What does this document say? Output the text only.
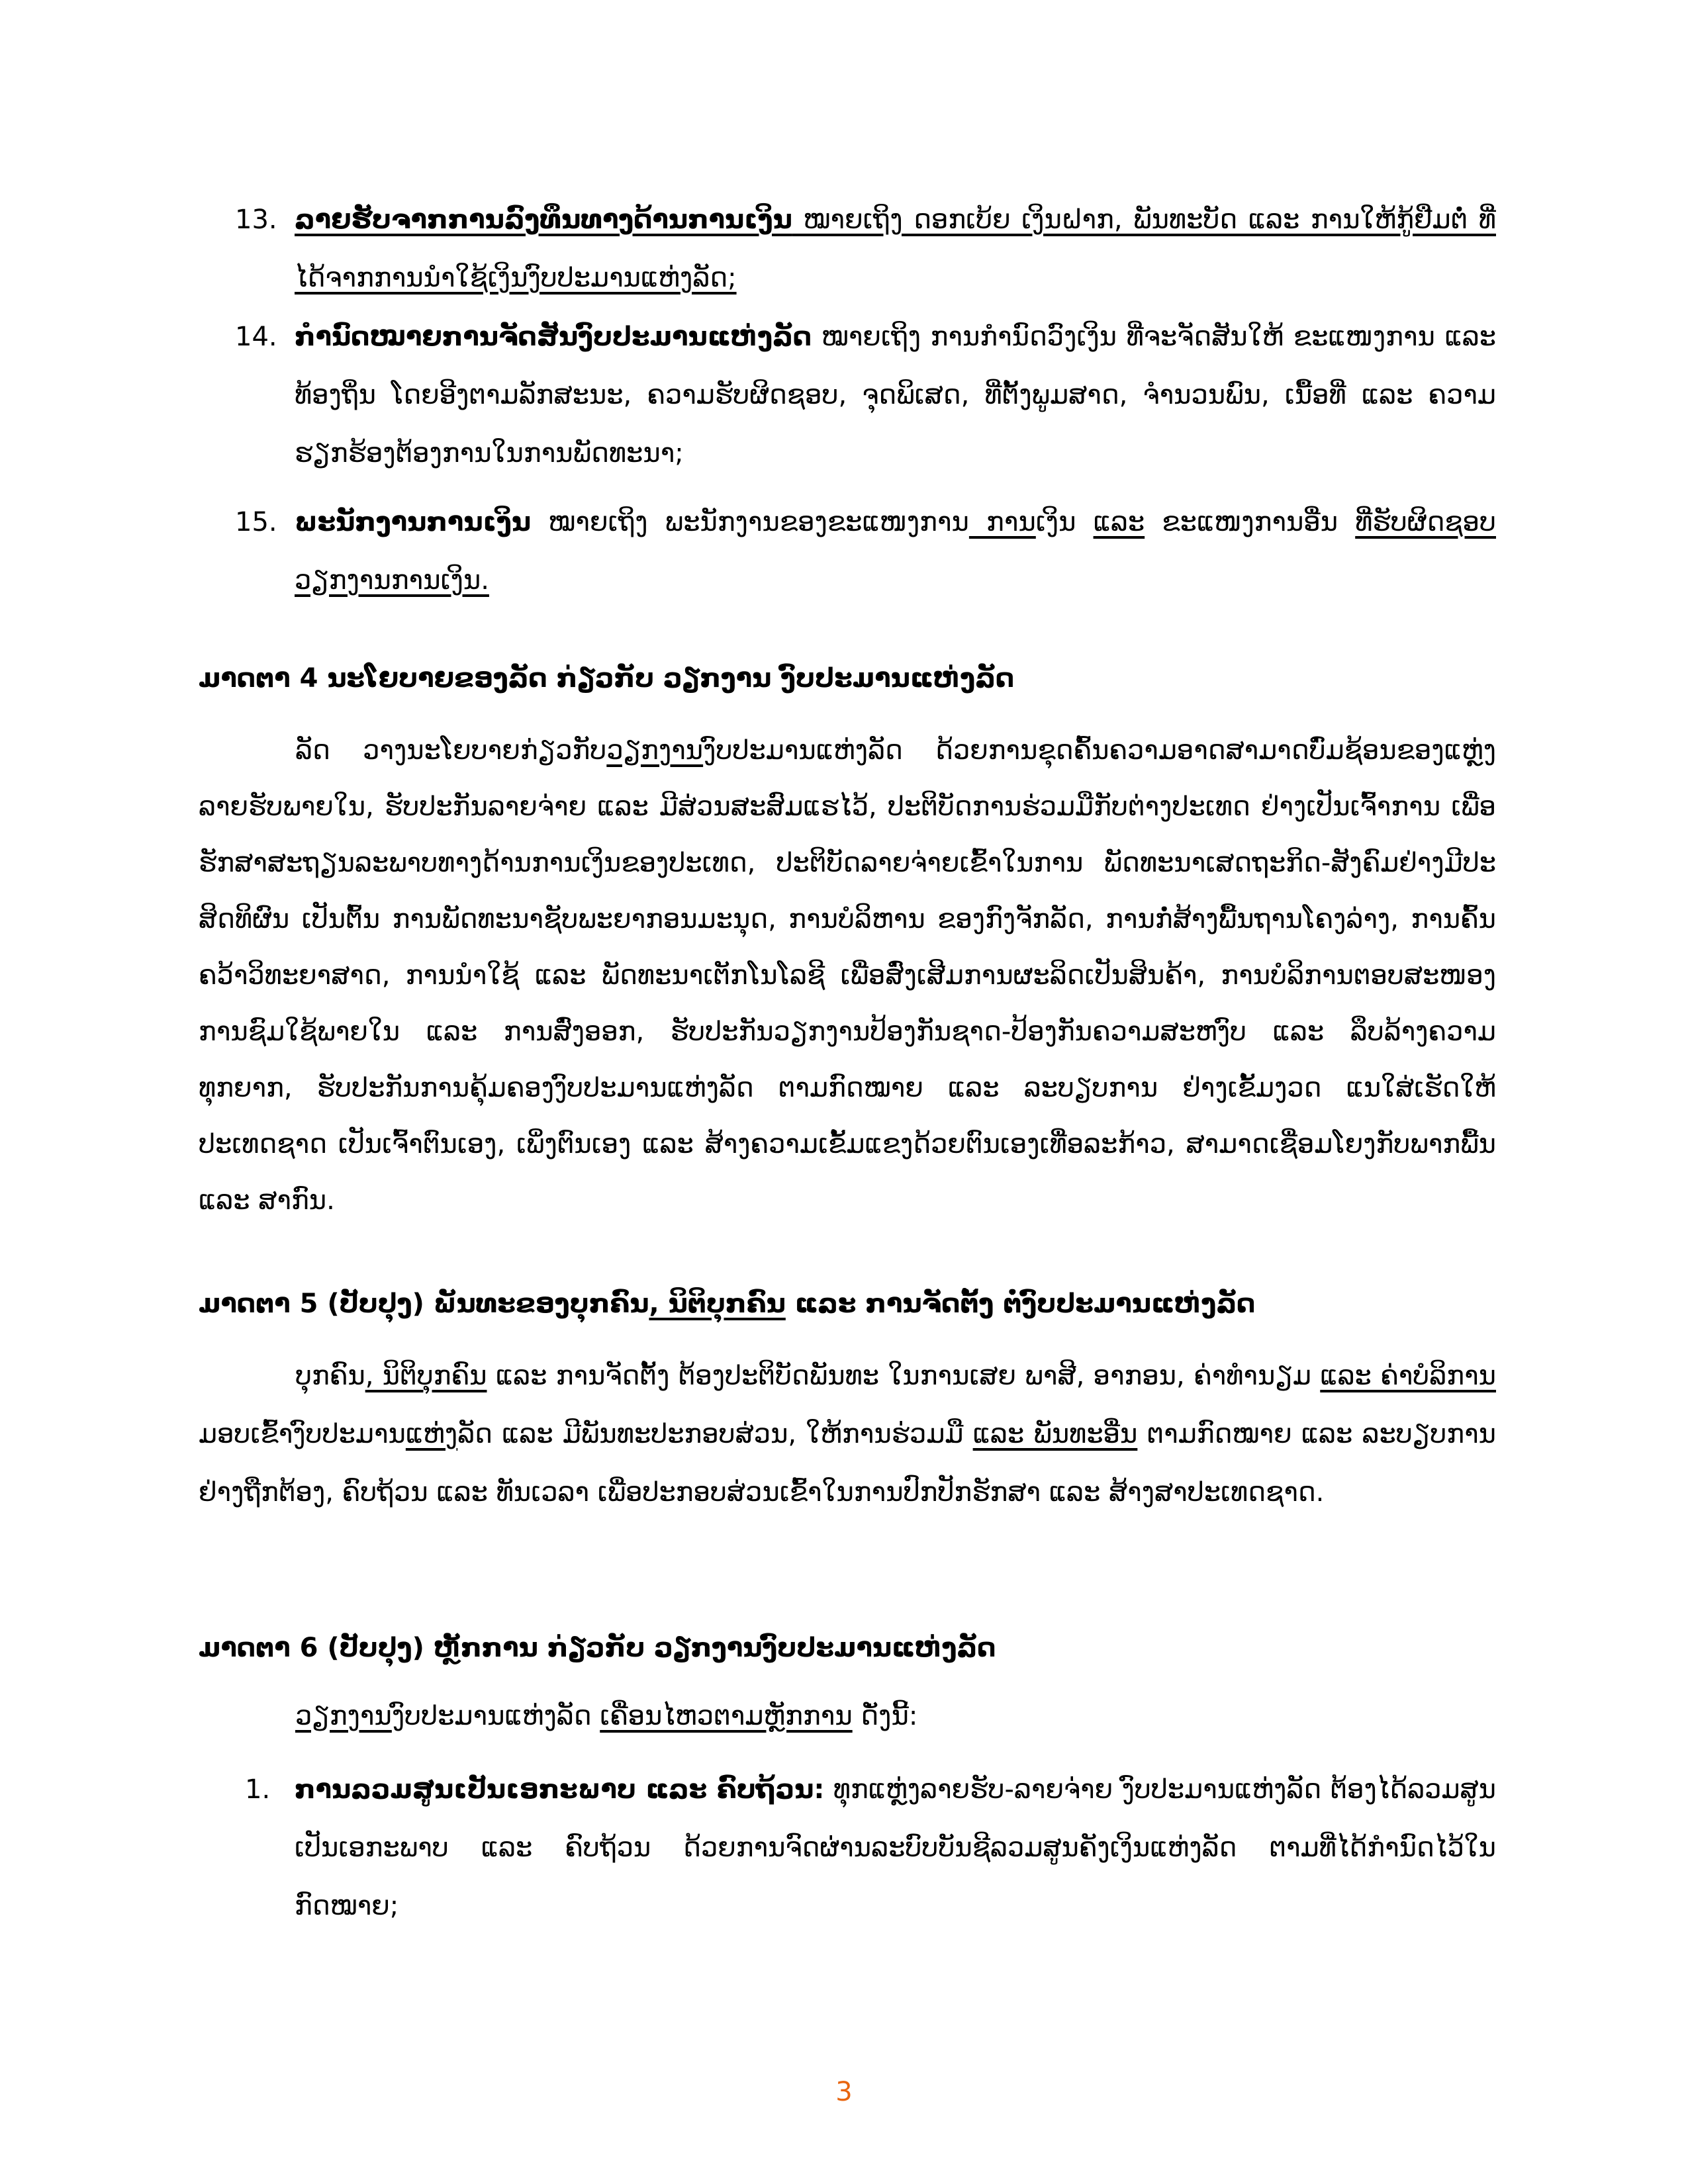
13. ລາຍຮັບຈາກການລົງທຶນທາງດ້ານການເງິນ ໝາຍເຖິງ ດອກເບ້ຍ ເງິນຝາກ, ພັນທະບັດ ແລະ ການໃຫ້ກູ້ຢືມຕໍ່ ທີ່ໄດ້ຈາກການນຳໃຊ້ເງິນງົບປະມານແຫ່ງລັດ;
14. ກຳນົດໝາຍການຈັດສັນງົບປະມານແຫ່ງລັດ ໝາຍເຖິງ ການກຳນົດວົງເງິນ ທີ່ຈະຈັດສັນໃຫ້ ຂະແໜງການ ແລະ ທ້ອງຖິ່ນ ໂດຍອີງຕາມລັກສະນະ, ຄວາມຮັບຜິດຊອບ, ຈຸດພິເສດ, ທີ່ຕັ້ງພູມສາດ, ຈຳນວນພົນ, ເນື້ອທີ່ ແລະ ຄວາມຮຽກຮ້ອງຕ້ອງການໃນການພັດທະນາ;
15. ພະນັກງານການເງິນ ໝາຍເຖິງ ພະນັກງານຂອງຂະແໜງການ ການເງິນ ແລະ ຂະແໜງການອື່ນ ທີ່ຮັບຜິດຊອບ ວຽກງານການເງິນ.
ມາດຕາ 4 ນະໂຍບາຍຂອງລັດ ກ່ຽວກັບ ວຽກງານ ງົບປະມານແຫ່ງລັດ
ລັດ ວາງນະໂຍບາຍກ່ຽວກັບວຽກງານງົບປະມານແຫ່ງລັດ ດ້ວຍການຂຸດຄົ້ນຄວາມອາດສາມາດບົ່ມຊ້ອນຂອງແຫຼ່ງລາຍຮັບພາຍໃນ, ຮັບປະກັນລາຍຈ່າຍ ແລະ ມີສ່ວນສະສົມແຮໄວ້, ປະຕິບັດການຮ່ວມມືກັບຕ່າງປະເທດ ຢ່າງເປັນເຈົ້າການ ເພື່ອຮັກສາສະຖຽນລະພາບທາງດ້ານການເງິນຂອງປະເທດ, ປະຕິບັດລາຍຈ່າຍເຂົ້າໃນການ ພັດທະນາເສດຖະກິດ-ສັງຄົມຢ່າງມີປະສິດທິຜົນ ເປັນຕົ້ນ ການພັດທະນາຊັບພະຍາກອນມະນຸດ, ການບໍລິຫານ ຂອງກົງຈັກລັດ, ການກໍ່ສ້າງພື້ນຖານໂຄງລ່າງ, ການຄົ້ນຄວ້າວິທະຍາສາດ, ການນຳໃຊ້ ແລະ ພັດທະນາເຕັກໂນໂລຊີ ເພື່ອສົ່ງເສີມການຜະລິດເປັນສິນຄ້າ, ການບໍລິການຕອບສະໜອງການຊົມໃຊ້ພາຍໃນ ແລະ ການສົ່ງອອກ, ຮັບປະກັນວຽກງານປ້ອງກັນຊາດ-ປ້ອງກັນຄວາມສະຫງົບ ແລະ ລຶບລ້າງຄວາມທຸກຍາກ, ຮັບປະກັນການຄຸ້ມຄອງງົບປະມານແຫ່ງລັດ ຕາມກົດໝາຍ ແລະ ລະບຽບການ ຢ່າງເຂັ້ມງວດ ແນໃສ່ເຮັດໃຫ້ປະເທດຊາດ ເປັນເຈົ້າຕົນເອງ, ເພິ່ງຕົນເອງ ແລະ ສ້າງຄວາມເຂັ້ມແຂງດ້ວຍຕົນເອງເທື່ອລະກ້າວ, ສາມາດເຊື່ອມໂຍງກັບພາກພື້ນ ແລະ ສາກົນ.
ມາດຕາ 5 (ປັບປຸງ) ພັນທະຂອງບຸກຄົນ, ນິຕິບຸກຄົນ ແລະ ການຈັດຕັ້ງ ຕໍ່ງົບປະມານແຫ່ງລັດ
ບຸກຄົນ, ນິຕິບຸກຄົນ ແລະ ການຈັດຕັ້ງ ຕ້ອງປະຕິບັດພັນທະ ໃນການເສຍ ພາສີ, ອາກອນ, ຄ່າທຳນຽມ ແລະ ຄ່າບໍລິການ ມອບເຂົ້າງົບປະມານແຫ່ງລັດ ແລະ ມີພັນທະປະກອບສ່ວນ, ໃຫ້ການຮ່ວມມື ແລະ ພັນທະອື່ນ ຕາມກົດໝາຍ ແລະ ລະບຽບການ ຢ່າງຖືກຕ້ອງ, ຄົບຖ້ວນ ແລະ ທັນເວລາ ເພື່ອປະກອບສ່ວນເຂົ້າໃນການປົກປັກຮັກສາ ແລະ ສ້າງສາປະເທດຊາດ.
ມາດຕາ 6 (ປັບປຸງ) ຫຼັກການ ກ່ຽວກັບ ວຽກງານງົບປະມານແຫ່ງລັດ
ວຽກງານງົບປະມານແຫ່ງລັດ ເຄື່ອນໄຫວຕາມຫຼັກການ ດັ່ງນີ້:
1. ການລວມສູນເປັນເອກະພາບ ແລະ ຄົບຖ້ວນ: ທຸກແຫຼ່ງລາຍຮັບ-ລາຍຈ່າຍ ງົບປະມານແຫ່ງລັດ ຕ້ອງໄດ້ລວມສູນເປັນເອກະພາບ ແລະ ຄົບຖ້ວນ ດ້ວຍການຈົດຜ່ານລະບົບບັນຊີລວມສູນຄັງເງິນແຫ່ງລັດ ຕາມທີ່ໄດ້ກຳນົດໄວ້ໃນກົດໝາຍ;
3
